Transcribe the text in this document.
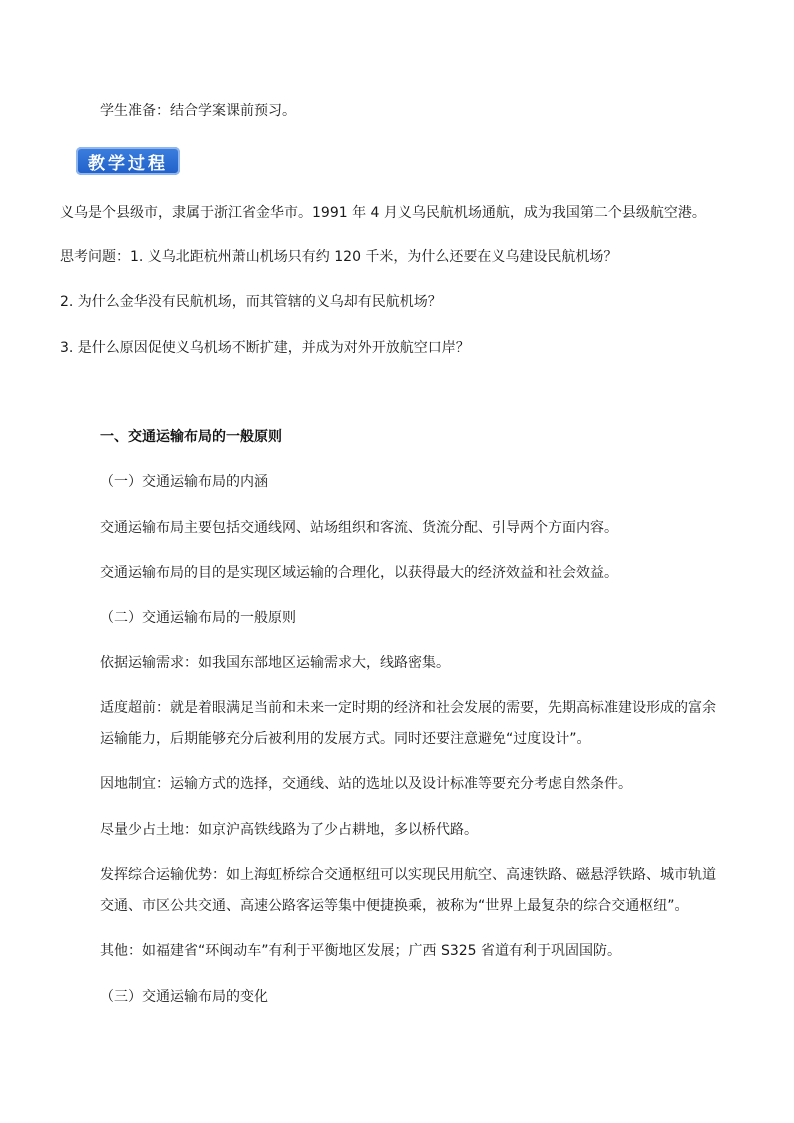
学生准备：结合学案课前预习。
教学过程
义乌是个县级市，隶属于浙江省金华市。1991 年 4 月义乌民航机场通航，成为我国第二个县级航空港。
思考问题：1. 义乌北距杭州萧山机场只有约 120 千米，为什么还要在义乌建设民航机场？
2. 为什么金华没有民航机场，而其管辖的义乌却有民航机场？
3. 是什么原因促使义乌机场不断扩建，并成为对外开放航空口岸？
一、交通运输布局的一般原则
（一）交通运输布局的内涵
交通运输布局主要包括交通线网、站场组织和客流、货流分配、引导两个方面内容。
交通运输布局的目的是实现区域运输的合理化，以获得最大的经济效益和社会效益。
（二）交通运输布局的一般原则
依据运输需求：如我国东部地区运输需求大，线路密集。
适度超前：就是着眼满足当前和未来一定时期的经济和社会发展的需要，先期高标准建设形成的富余
运输能力，后期能够充分后被利用的发展方式。同时还要注意避免“过度设计”。
因地制宜：运输方式的选择，交通线、站的选址以及设计标准等要充分考虑自然条件。
尽量少占土地：如京沪高铁线路为了少占耕地，多以桥代路。
发挥综合运输优势：如上海虹桥综合交通枢纽可以实现民用航空、高速铁路、磁悬浮铁路、城市轨道
交通、市区公共交通、高速公路客运等集中便捷换乘，被称为“世界上最复杂的综合交通枢纽”。
其他：如福建省“环闽动车”有利于平衡地区发展；广西 S325 省道有利于巩固国防。
（三）交通运输布局的变化
